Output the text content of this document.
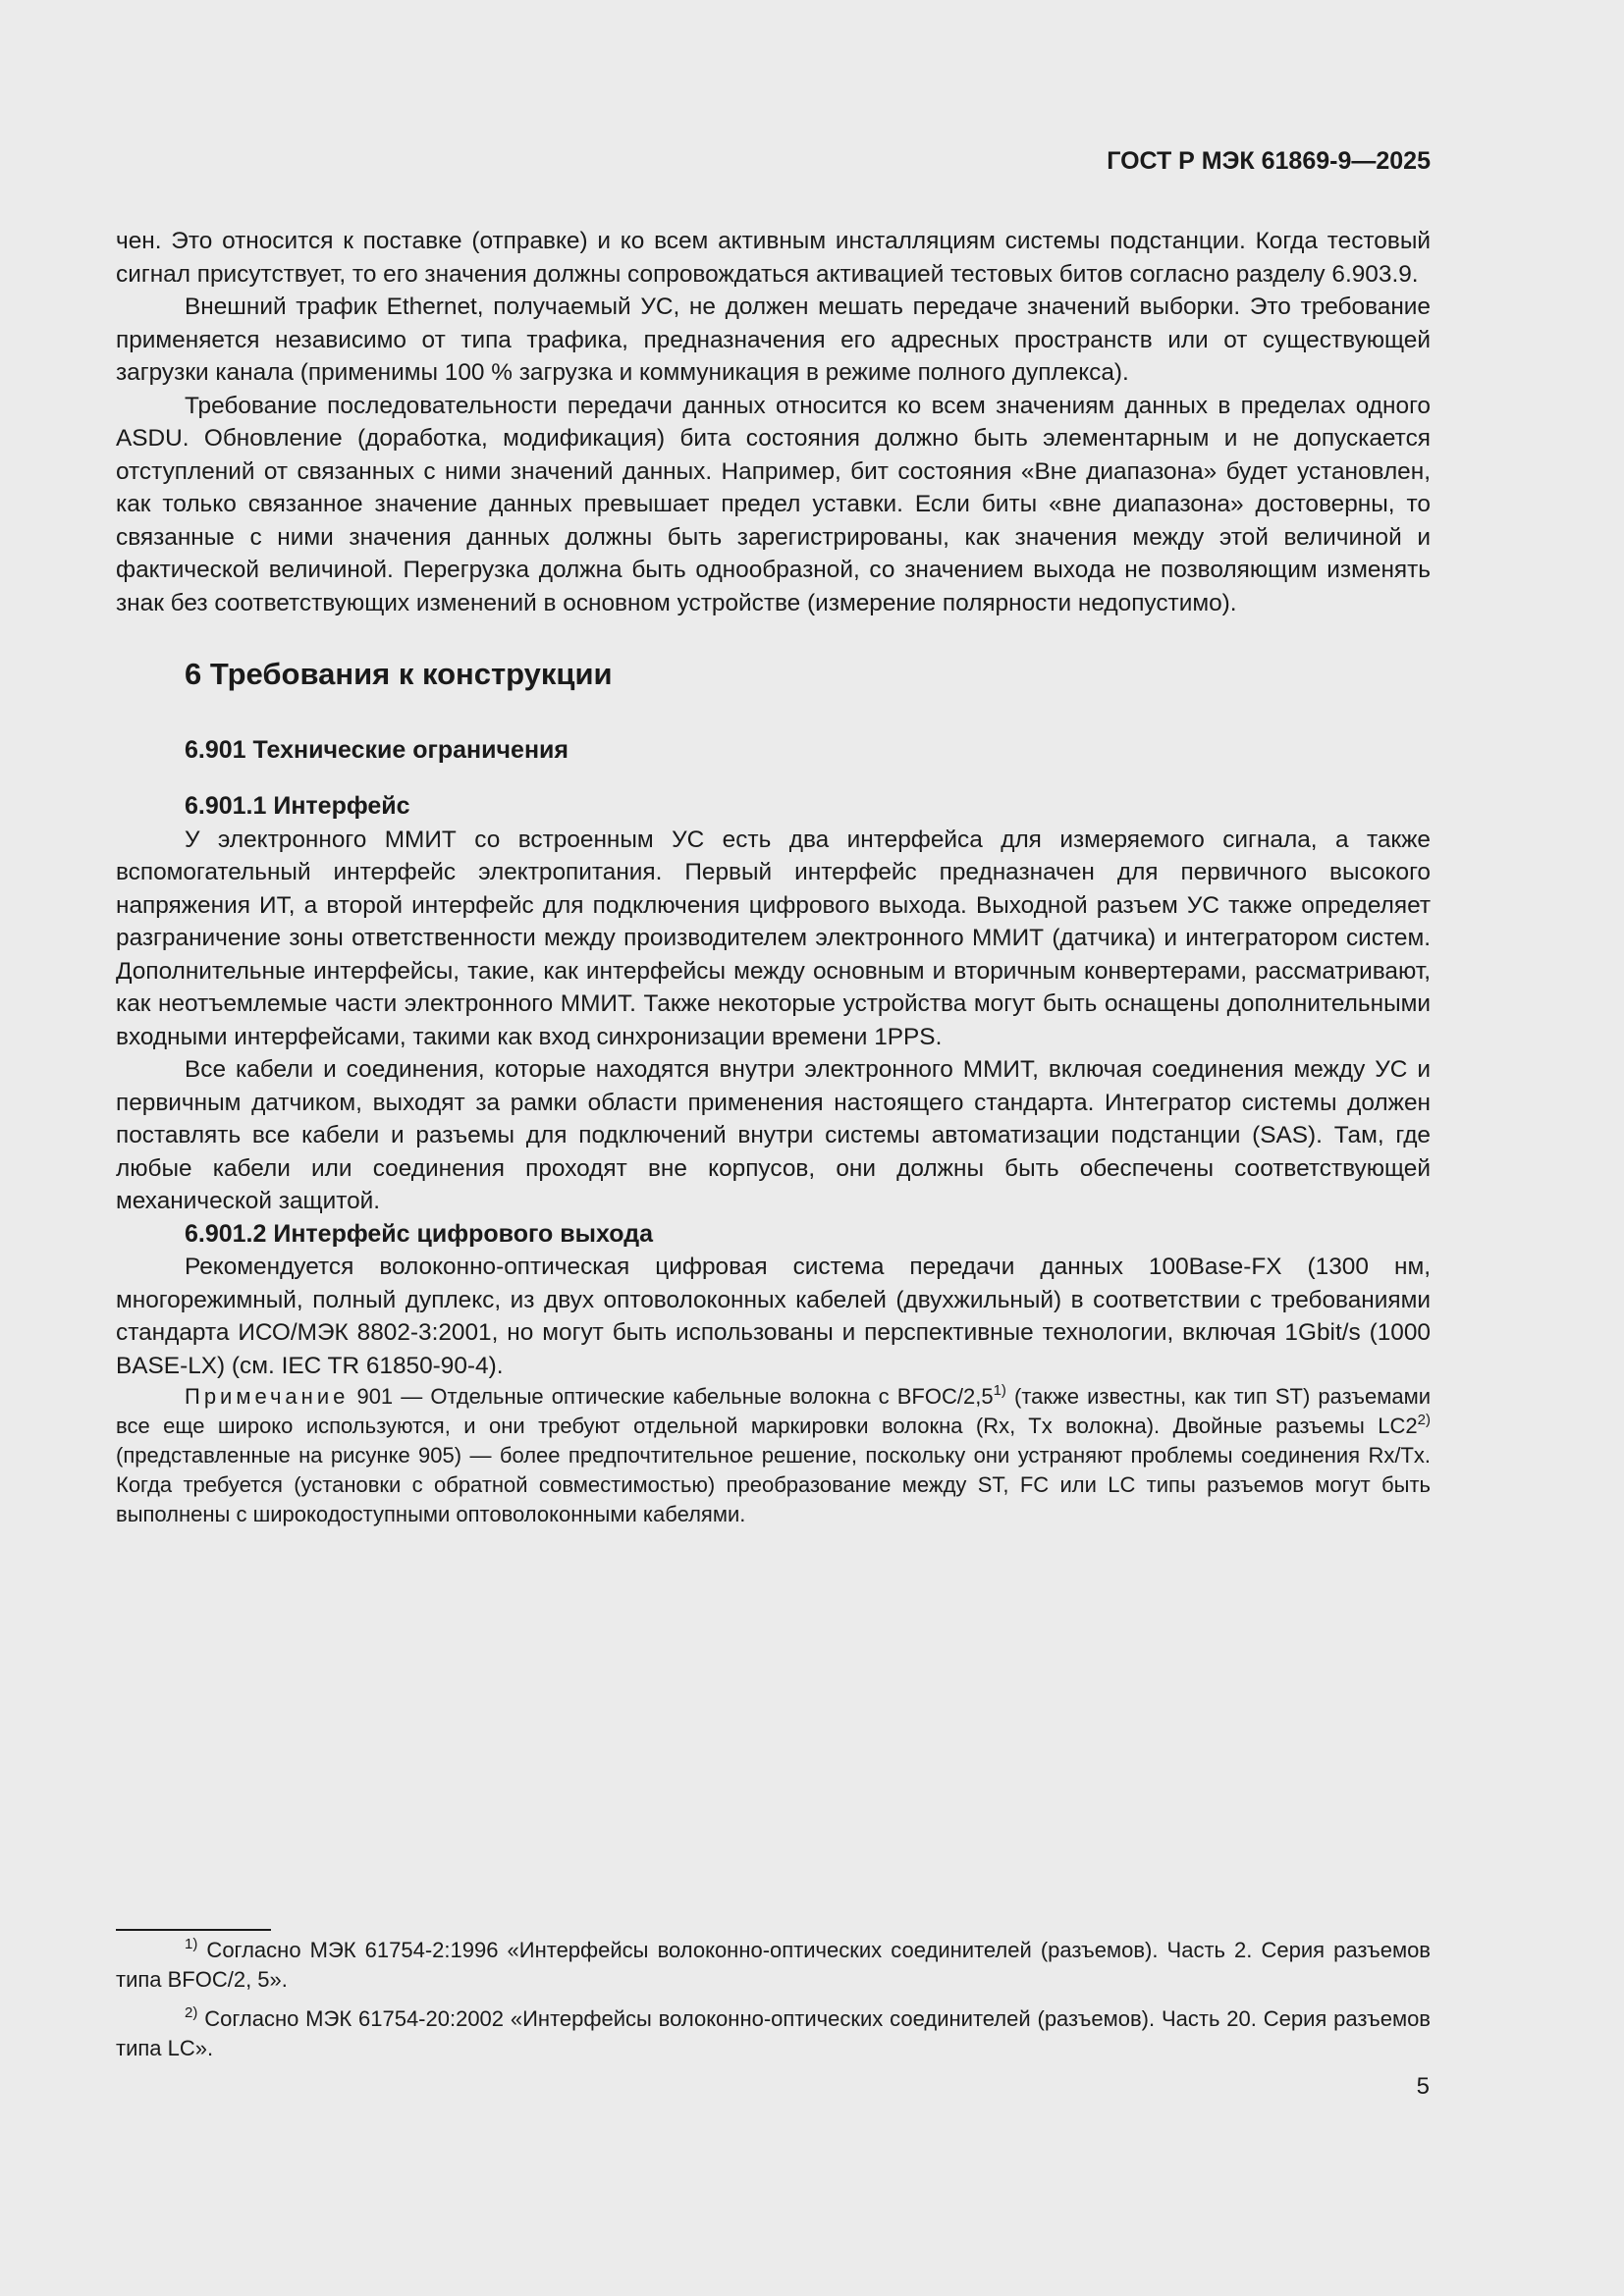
ГОСТ Р МЭК 61869-9—2025

чен. Это относится к поставке (отправке) и ко всем активным инсталляциям системы подстанции. Когда тестовый сигнал присутствует, то его значения должны сопровождаться активацией тестовых битов согласно разделу 6.903.9.

Внешний трафик Ethernet, получаемый УС, не должен мешать передаче значений выборки. Это требование применяется независимо от типа трафика, предназначения его адресных пространств или от существующей загрузки канала (применимы 100 % загрузка и коммуникация в режиме полного дуплекса).

Требование последовательности передачи данных относится ко всем значениям данных в пределах одного ASDU. Обновление (доработка, модификация) бита состояния должно быть элементарным и не допускается отступлений от связанных с ними значений данных. Например, бит состояния «Вне диапазона» будет установлен, как только связанное значение данных превышает предел уставки. Если биты «вне диапазона» достоверны, то связанные с ними значения данных должны быть зарегистрированы, как значения между этой величиной и фактической величиной. Перегрузка должна быть однообразной, со значением выхода не позволяющим изменять знак без соответствующих изменений в основном устройстве (измерение полярности недопустимо).

6 Требования к конструкции
6.901 Технические ограничения
6.901.1 Интерфейс

У электронного ММИТ со встроенным УС есть два интерфейса для измеряемого сигнала, а также вспомогательный интерфейс электропитания. Первый интерфейс предназначен для первичного высокого напряжения ИТ, а второй интерфейс для подключения цифрового выхода. Выходной разъем УС также определяет разграничение зоны ответственности между производителем электронного ММИТ (датчика) и интегратором систем. Дополнительные интерфейсы, такие, как интерфейсы между основным и вторичным конвертерами, рассматривают, как неотъемлемые части электронного ММИТ. Также некоторые устройства могут быть оснащены дополнительными входными интерфейсами, такими как вход синхронизации времени 1PPS.

Все кабели и соединения, которые находятся внутри электронного ММИТ, включая соединения между УС и первичным датчиком, выходят за рамки области применения настоящего стандарта. Интегратор системы должен поставлять все кабели и разъемы для подключений внутри системы автоматизации подстанции (SAS). Там, где любые кабели или соединения проходят вне корпусов, они должны быть обеспечены соответствующей механической защитой.

6.901.2 Интерфейс цифрового выхода

Рекомендуется волоконно-оптическая цифровая система передачи данных 100Base-FX (1300 нм, многорежимный, полный дуплекс, из двух оптоволоконных кабелей (двухжильный) в соответствии с требованиями стандарта ИСО/МЭК 8802-3:2001, но могут быть использованы и перспективные технологии, включая 1Gbit/s (1000 BASE-LX) (см. IEC TR 61850-90-4).

Примечание 901 — Отдельные оптические кабельные волокна с BFOC/2,5$^{1)}$ (также известны, как тип ST) разъемами все еще широко используются, и они требуют отдельной маркировки волокна (Rx, Tx волокна). Двойные разъемы LC2$^{2)}$ (представленные на рисунке 905) — более предпочтительное решение, поскольку они устраняют проблемы соединения Rx/Tx. Когда требуется (установки с обратной совместимостью) преобразование между ST, FC или LC типы разъемов могут быть выполнены с широкодоступными оптоволоконными кабелями.

$^{1)}$ Согласно МЭК 61754-2:1996 «Интерфейсы волоконно-оптических соединителей (разъемов). Часть 2. Серия разъемов типа BFOC/2, 5».

$^{2)}$ Согласно МЭК 61754-20:2002 «Интерфейсы волоконно-оптических соединителей (разъемов). Часть 20. Серия разъемов типа LC».

5
